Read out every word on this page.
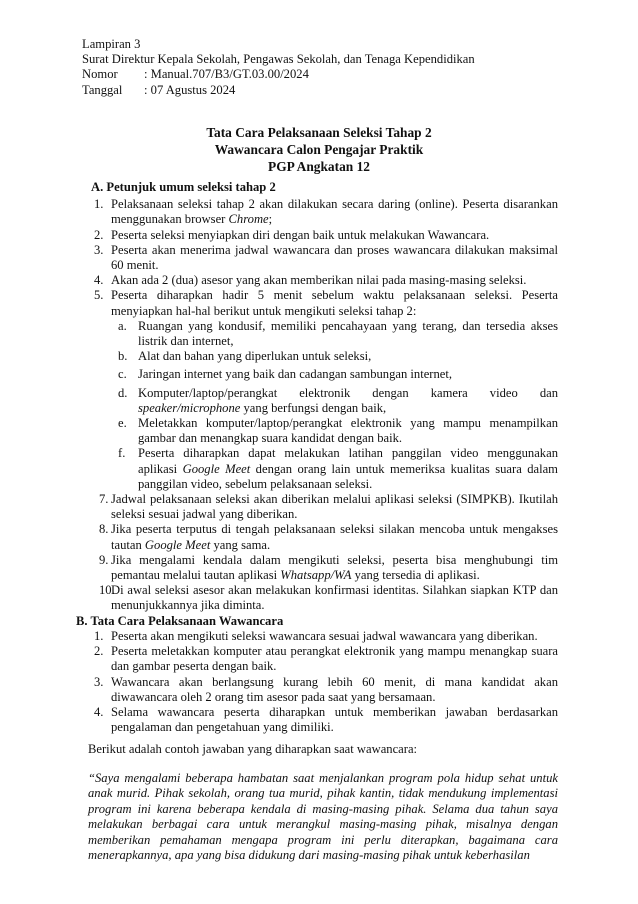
Lampiran 3
Surat Direktur Kepala Sekolah, Pengawas Sekolah, dan Tenaga Kependidikan
Nomor : Manual.707/B3/GT.03.00/2024
Tanggal : 07 Agustus 2024
Tata Cara Pelaksanaan Seleksi Tahap 2
Wawancara Calon Pengajar Praktik
PGP Angkatan 12
A. Petunjuk umum seleksi tahap 2
1. Pelaksanaan seleksi tahap 2 akan dilakukan secara daring (online). Peserta disarankan menggunakan browser Chrome;
2. Peserta seleksi menyiapkan diri dengan baik untuk melakukan Wawancara.
3. Peserta akan menerima jadwal wawancara dan proses wawancara dilakukan maksimal 60 menit.
4. Akan ada 2 (dua) asesor yang akan memberikan nilai pada masing-masing seleksi.
5. Peserta diharapkan hadir 5 menit sebelum waktu pelaksanaan seleksi. Peserta menyiapkan hal-hal berikut untuk mengikuti seleksi tahap 2:
a. Ruangan yang kondusif, memiliki pencahayaan yang terang, dan tersedia akses listrik dan internet,
b. Alat dan bahan yang diperlukan untuk seleksi,
c. Jaringan internet yang baik dan cadangan sambungan internet,
d. Komputer/laptop/perangkat elektronik dengan kamera video dan speaker/microphone yang berfungsi dengan baik,
e. Meletakkan komputer/laptop/perangkat elektronik yang mampu menampilkan gambar dan menangkap suara kandidat dengan baik.
f. Peserta diharapkan dapat melakukan latihan panggilan video menggunakan aplikasi Google Meet dengan orang lain untuk memeriksa kualitas suara dalam panggilan video, sebelum pelaksanaan seleksi.
7. Jadwal pelaksanaan seleksi akan diberikan melalui aplikasi seleksi (SIMPKB). Ikutilah seleksi sesuai jadwal yang diberikan.
8. Jika peserta terputus di tengah pelaksanaan seleksi silakan mencoba untuk mengakses tautan Google Meet yang sama.
9. Jika mengalami kendala dalam mengikuti seleksi, peserta bisa menghubungi tim pemantau melalui tautan aplikasi Whatsapp/WA yang tersedia di aplikasi.
10.
Di awal seleksi asesor akan melakukan konfirmasi identitas. Silahkan siapkan KTP dan menunjukkannya jika diminta.
B. Tata Cara Pelaksanaan Wawancara
1. Peserta akan mengikuti seleksi wawancara sesuai jadwal wawancara yang diberikan.
2. Peserta meletakkan komputer atau perangkat elektronik yang mampu menangkap suara dan gambar peserta dengan baik.
3. Wawancara akan berlangsung kurang lebih 60 menit, di mana kandidat akan diwawancara oleh 2 orang tim asesor pada saat yang bersamaan.
4. Selama wawancara peserta diharapkan untuk memberikan jawaban berdasarkan pengalaman dan pengetahuan yang dimiliki.
Berikut adalah contoh jawaban yang diharapkan saat wawancara:
“Saya mengalami beberapa hambatan saat menjalankan program pola hidup sehat untuk anak murid. Pihak sekolah, orang tua murid, pihak kantin, tidak mendukung implementasi program ini karena beberapa kendala di masing-masing pihak. Selama dua tahun saya melakukan berbagai cara untuk merangkul masing-masing pihak, misalnya dengan memberikan pemahaman mengapa program ini perlu diterapkan, bagaimana cara menerapkannya, apa yang bisa didukung dari masing-masing pihak untuk keberhasilan
